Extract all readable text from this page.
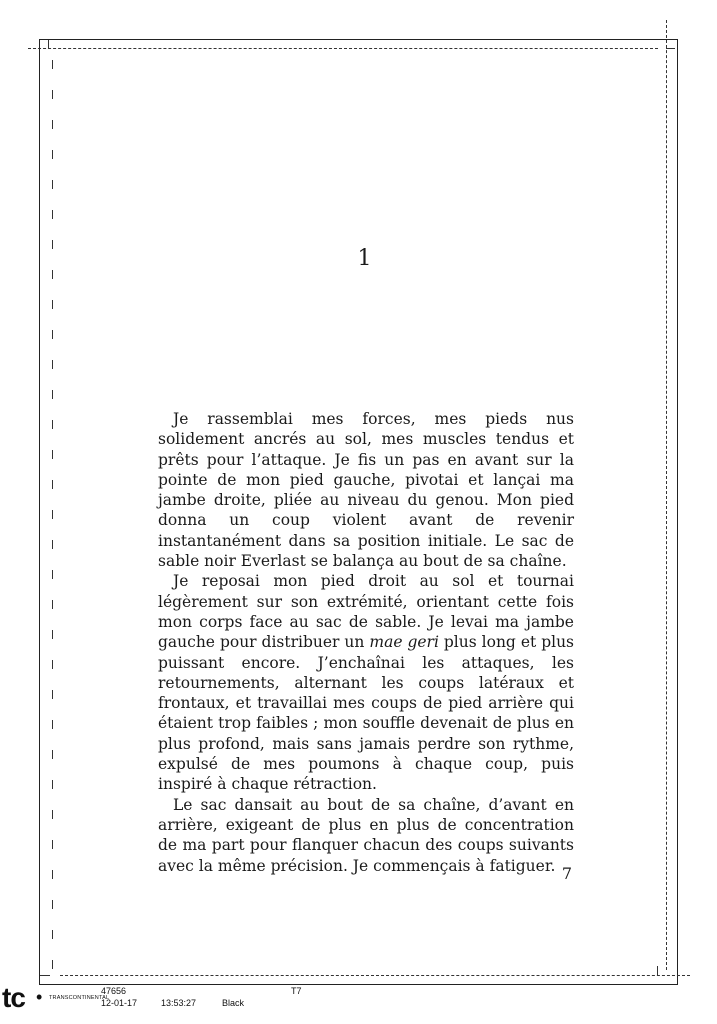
1

Je rassemblai mes forces, mes pieds nus solidement ancrés au sol, mes muscles tendus et prêts pour l’attaque. Je fis un pas en avant sur la pointe de mon pied gauche, pivotai et lançai ma jambe droite, pliée au niveau du genou. Mon pied donna un coup violent avant de revenir instantanément dans sa position initiale. Le sac de sable noir Everlast se balança au bout de sa chaîne.

Je reposai mon pied droit au sol et tournai légèrement sur son extrémité, orientant cette fois mon corps face au sac de sable. Je levai ma jambe gauche pour distribuer un mae geri plus long et plus puissant encore. J’enchaînai les attaques, les retournements, alternant les coups latéraux et frontaux, et travaillai mes coups de pied arrière qui étaient trop faibles ; mon souffle devenait de plus en plus profond, mais sans jamais perdre son rythme, expulsé de mes poumons à chaque coup, puis inspiré à chaque rétraction.

Le sac dansait au bout de sa chaîne, d’avant en arrière, exigeant de plus en plus de concentration de ma part pour flanquer chacun des coups suivants avec la même précision. Je commençais à fatiguer. 7
tc • TRANSCONTINENTAL
47656
12-01-17	13:53:27	Black
T7
